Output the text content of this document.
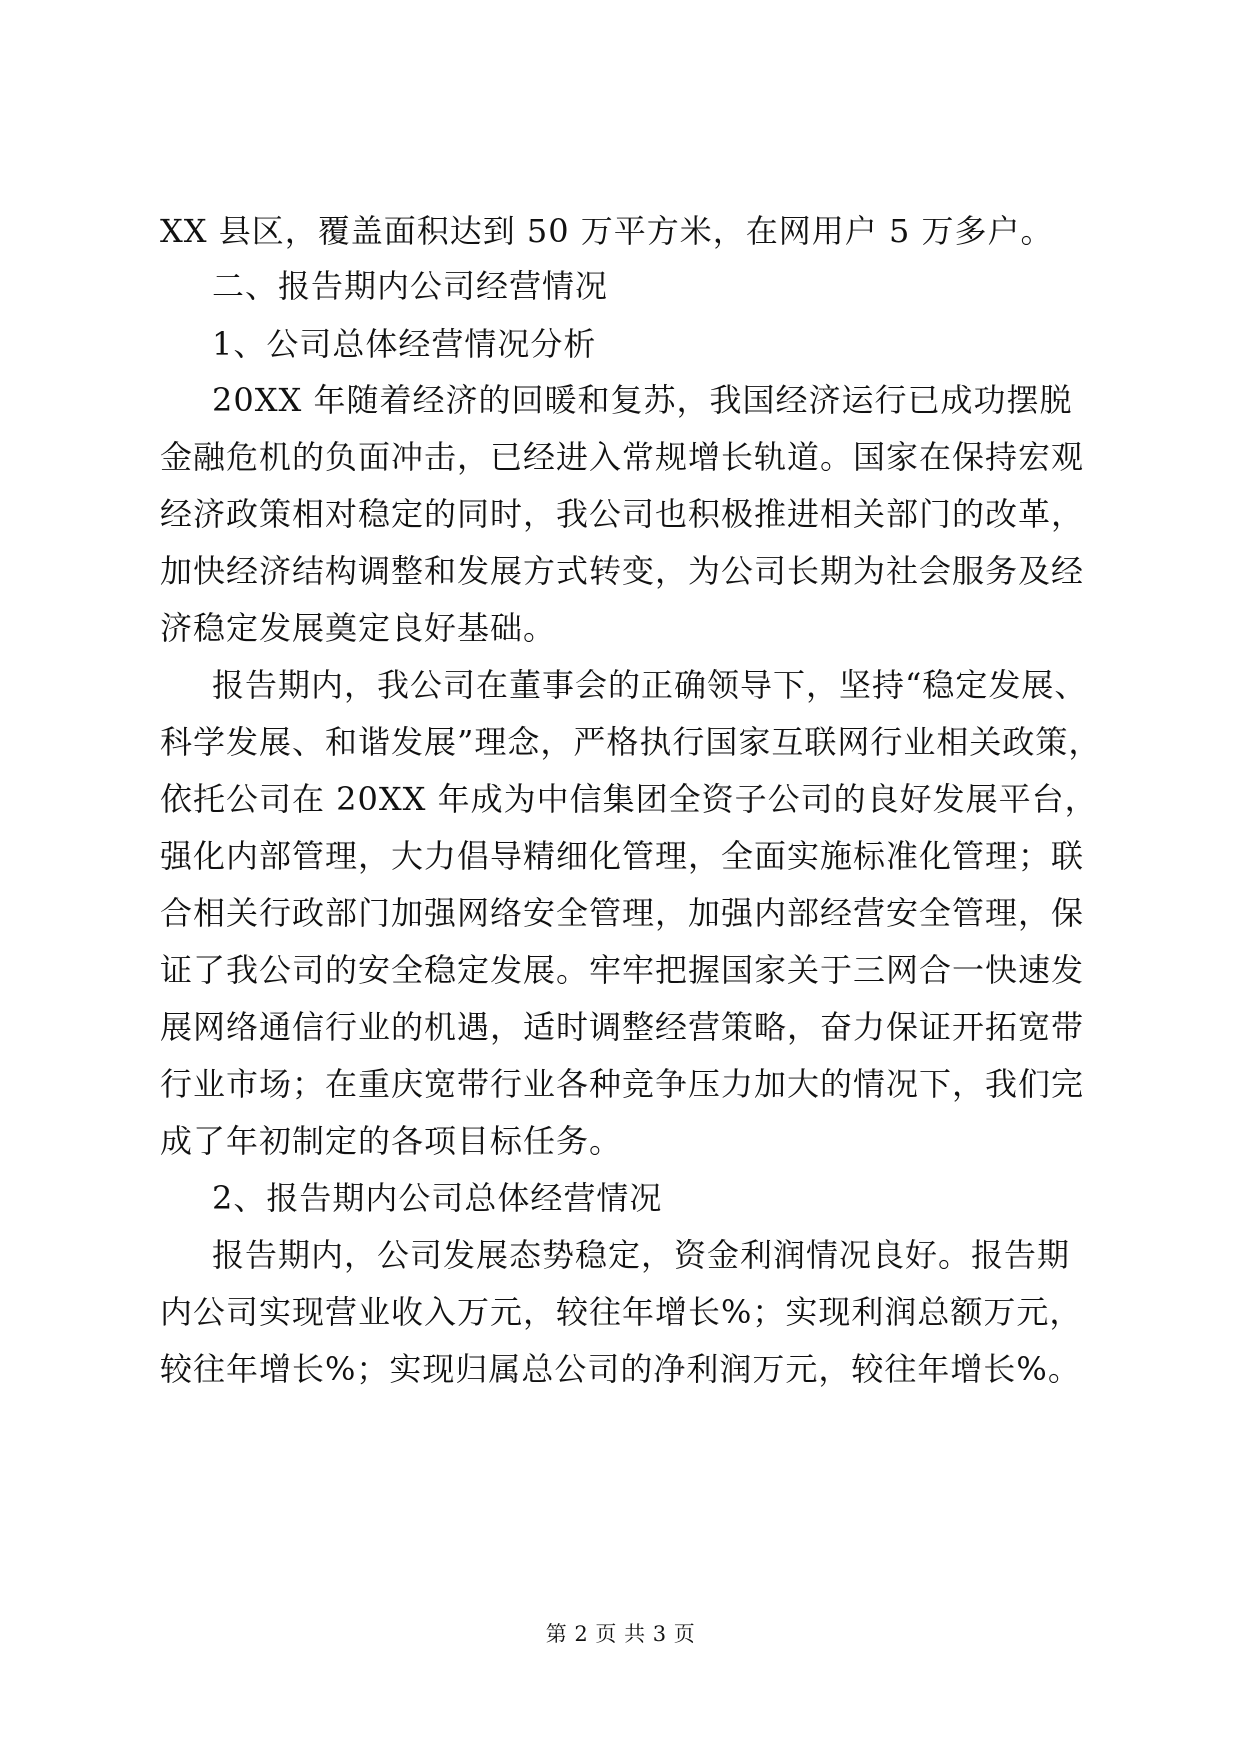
XX 县区，覆盖面积达到 50 万平方米，在网用户 5 万多户。
二、报告期内公司经营情况
1、公司总体经营情况分析
20XX 年随着经济的回暖和复苏，我国经济运行已成功摆脱
金融危机的负面冲击，已经进入常规增长轨道。国家在保持宏观
经济政策相对稳定的同时，我公司也积极推进相关部门的改革，
加快经济结构调整和发展方式转变，为公司长期为社会服务及经
济稳定发展奠定良好基础。
报告期内，我公司在董事会的正确领导下，坚持“稳定发展、
科学发展、和谐发展”理念，严格执行国家互联网行业相关政策，
依托公司在 20XX 年成为中信集团全资子公司的良好发展平台，
强化内部管理，大力倡导精细化管理，全面实施标准化管理；联
合相关行政部门加强网络安全管理，加强内部经营安全管理，保
证了我公司的安全稳定发展。牢牢把握国家关于三网合一快速发
展网络通信行业的机遇，适时调整经营策略，奋力保证开拓宽带
行业市场；在重庆宽带行业各种竞争压力加大的情况下，我们完
成了年初制定的各项目标任务。
2、报告期内公司总体经营情况
报告期内，公司发展态势稳定，资金利润情况良好。报告期
内公司实现营业收入万元，较往年增长%；实现利润总额万元，
较往年增长%；实现归属总公司的净利润万元，较往年增长%。
第 2 页 共 3 页
